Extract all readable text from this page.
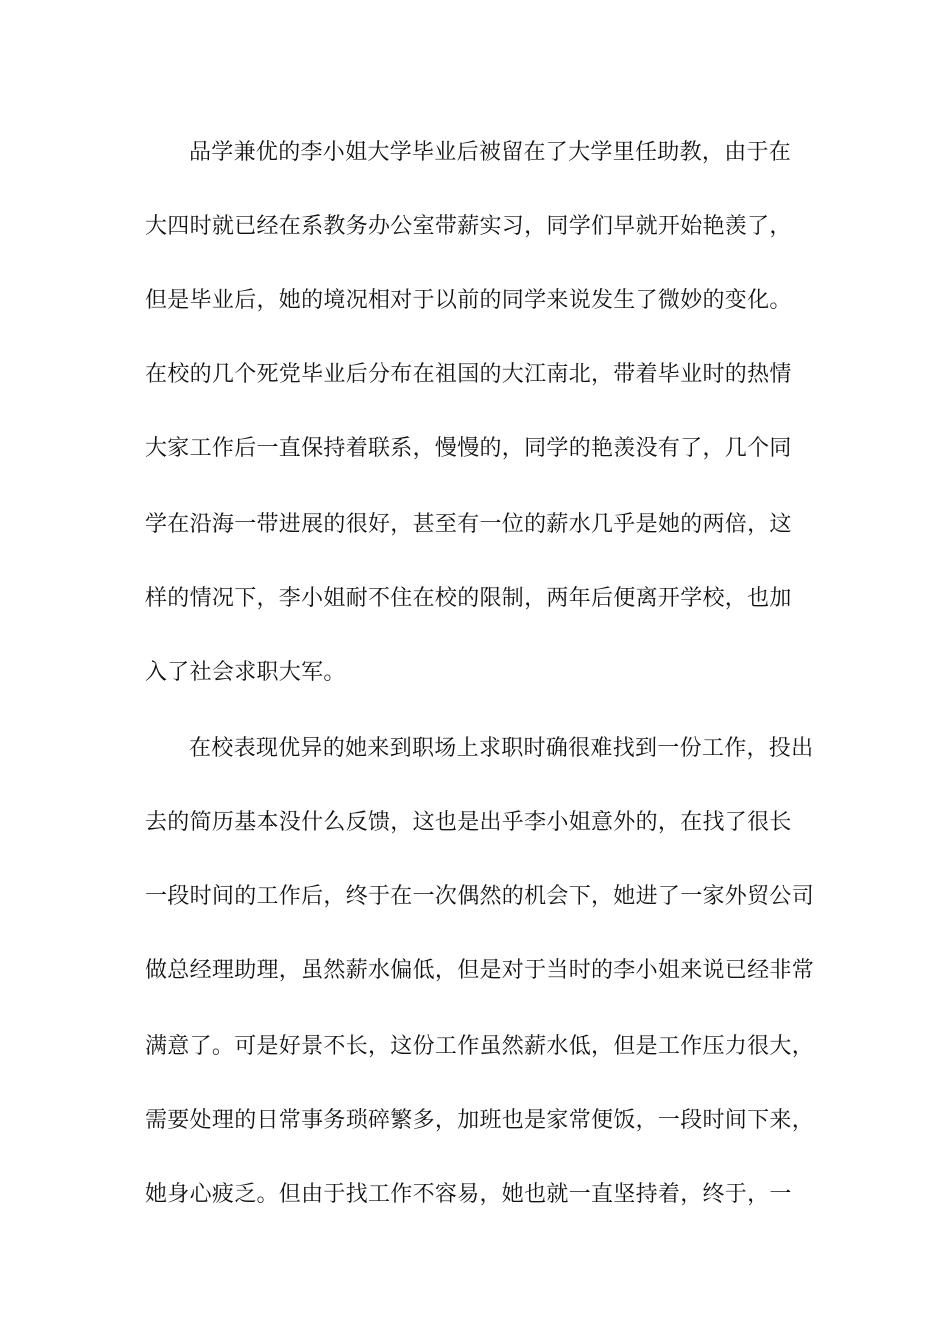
品学兼优的李小姐大学毕业后被留在了大学里任助教，由于在
大四时就已经在系教务办公室带薪实习，同学们早就开始艳羡了，
但是毕业后，她的境况相对于以前的同学来说发生了微妙的变化。
在校的几个死党毕业后分布在祖国的大江南北，带着毕业时的热情
大家工作后一直保持着联系，慢慢的，同学的艳羡没有了，几个同
学在沿海一带进展的很好，甚至有一位的薪水几乎是她的两倍，这
样的情况下，李小姐耐不住在校的限制，两年后便离开学校，也加
入了社会求职大军。
在校表现优异的她来到职场上求职时确很难找到一份工作，投出
去的简历基本没什么反馈，这也是出乎李小姐意外的，在找了很长
一段时间的工作后，终于在一次偶然的机会下，她进了一家外贸公司
做总经理助理，虽然薪水偏低，但是对于当时的李小姐来说已经非常
满意了。可是好景不长，这份工作虽然薪水低，但是工作压力很大，
需要处理的日常事务琐碎繁多，加班也是家常便饭，一段时间下来，
她身心疲乏。但由于找工作不容易，她也就一直坚持着，终于，一
